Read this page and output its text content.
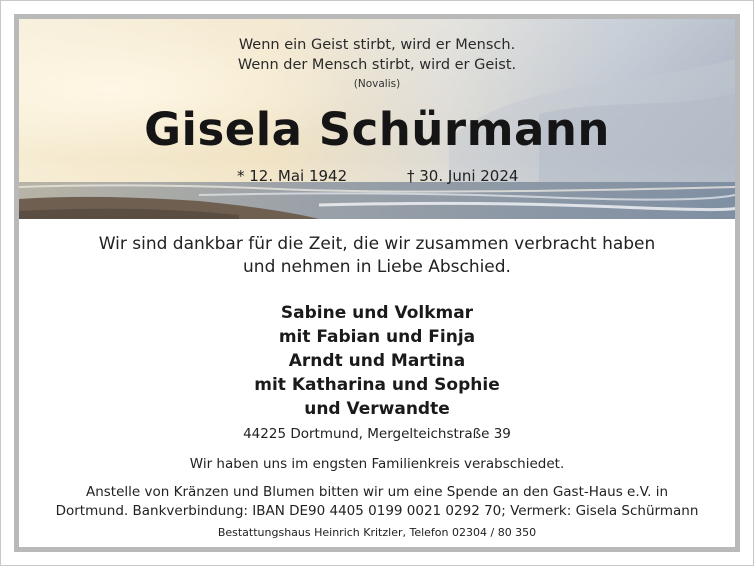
Wenn ein Geist stirbt, wird er Mensch.
Wenn der Mensch stirbt, wird er Geist.
(Novalis)
Gisela Schürmann
* 12. Mai 1942	† 30. Juni 2024
Wir sind dankbar für die Zeit, die wir zusammen verbracht haben
und nehmen in Liebe Abschied.
Sabine und Volkmar
mit Fabian und Finja
Arndt und Martina
mit Katharina und Sophie
und Verwandte
44225 Dortmund, Mergelteichstraße 39
Wir haben uns im engsten Familienkreis verabschiedet.
Anstelle von Kränzen und Blumen bitten wir um eine Spende an den Gast-Haus e.V. in
Dortmund. Bankverbindung: IBAN DE90 4405 0199 0021 0292 70; Vermerk: Gisela Schürmann
Bestattungshaus Heinrich Kritzler, Telefon 02304 / 80 350
